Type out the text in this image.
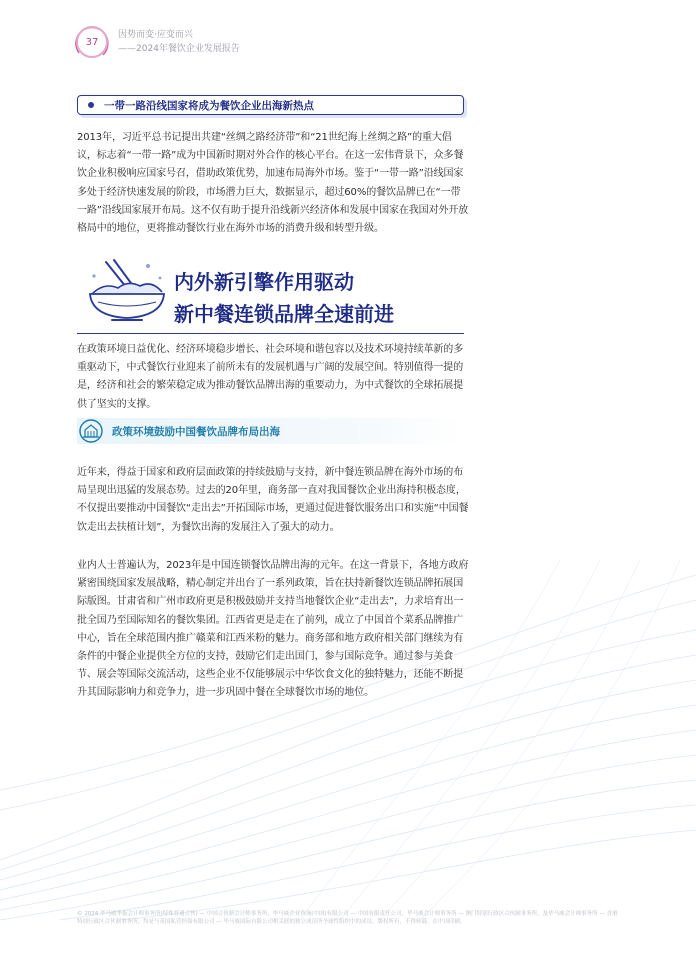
37
因势而变·应变而兴
——2024年餐饮企业发展报告
一带一路沿线国家将成为餐饮企业出海新热点

2013年，习近平总书记提出共建“丝绸之路经济带”和“21世纪海上丝绸之路”的重大倡议，标志着“一带一路”成为中国新时期对外合作的核心平台。在这一宏伟背景下，众多餐饮企业积极响应国家号召，借助政策优势，加速布局海外市场。鉴于“一带一路”沿线国家多处于经济快速发展的阶段，市场潜力巨大，数据显示，超过60%的餐饮品牌已在“一带一路”沿线国家展开布局。这不仅有助于提升沿线新兴经济体和发展中国家在我国对外开放格局中的地位，更将推动餐饮行业在海外市场的消费升级和转型升级。

内外新引擎作用驱动
新中餐连锁品牌全速前进

在政策环境日益优化、经济环境稳步增长、社会环境和谐包容以及技术环境持续革新的多重驱动下，中式餐饮行业迎来了前所未有的发展机遇与广阔的发展空间。特别值得一提的是，经济和社会的繁荣稳定成为推动餐饮品牌出海的重要动力，为中式餐饮的全球拓展提供了坚实的支撑。

政策环境鼓励中国餐饮品牌布局出海

近年来，得益于国家和政府层面政策的持续鼓励与支持，新中餐连锁品牌在海外市场的布局呈现出迅猛的发展态势。过去的20年里，商务部一直对我国餐饮企业出海持积极态度，不仅提出要推动中国餐饮“走出去”开拓国际市场，更通过促进餐饮服务出口和实施“中国餐饮走出去扶植计划”，为餐饮出海的发展注入了强大的动力。

业内人士普遍认为，2023年是中国连锁餐饮品牌出海的元年。在这一背景下，各地方政府紧密围绕国家发展战略，精心制定并出台了一系列政策，旨在扶持新餐饮连锁品牌拓展国际版图。甘肃省和广州市政府更是积极鼓励并支持当地餐饮企业“走出去”，力求培育出一批全国乃至国际知名的餐饮集团。江西省更是走在了前列，成立了中国首个菜系品牌推广中心，旨在全球范围内推广赣菜和江西米粉的魅力。商务部和地方政府相关部门继续为有条件的中餐企业提供全方位的支持，鼓励它们走出国门，参与国际竞争。通过参与美食节、展会等国际交流活动，这些企业不仅能够展示中华饮食文化的独特魅力，还能不断提升其国际影响力和竞争力，进一步巩固中餐在全球餐饮市场的地位。

© 2024 毕马威华振会计师事务所(特殊普通合伙) — 中国合伙制会计师事务所，毕马威企业咨询(中国)有限公司 — 中国有限责任公司，毕马威会计师事务所 — 澳门特别行政区合伙制事务所，及毕马威会计师事务所 — 香港特别行政区合伙制事务所，均是与英国私营担保有限公司 — 毕马威国际有限公司相关联的独立成员所全球性组织中的成员。版权所有，不得转载。在中国印刷。
